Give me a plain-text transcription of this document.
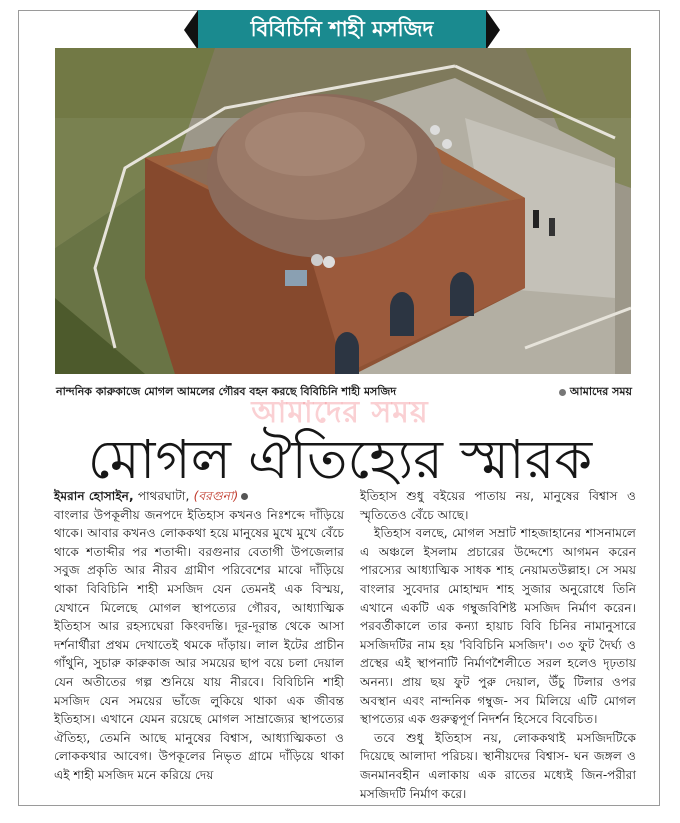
বিবিচিনি শাহী মসজিদ
নান্দনিক কারুকাজে মোগল আমলের গৌরব বহন করছে বিবিচিনি শাহী মসজিদ	আমাদের সময়
আমাদের সময়
মোগল ঐতিহ্যের স্মারক
ইমরান হোসাইন, পাথরঘাটা, (বরগুনা)

বাংলার উপকূলীয় জনপদে ইতিহাস কখনও নিঃশব্দে দাঁড়িয়ে থাকে। আবার কখনও লোককথা হয়ে মানুষের মুখে মুখে বেঁচে থাকে শতাব্দীর পর শতাব্দী। বরগুনার বেতাগী উপজেলার সবুজ প্রকৃতি আর নীরব গ্রামীণ পরিবেশের মাঝে দাঁড়িয়ে থাকা বিবিচিনি শাহী মসজিদ যেন তেমনই এক বিস্ময়, যেখানে মিলেছে মোগল স্থাপত্যের গৌরব, আধ্যাত্মিক ইতিহাস আর রহস্যঘেরা কিংবদন্তি। দূর-দূরান্ত থেকে আসা দর্শনার্থীরা প্রথম দেখাতেই থমকে দাঁড়ায়। লাল ইটের প্রাচীন গাঁথুনি, সুচারু কারুকাজ আর সময়ের ছাপ বয়ে চলা দেয়াল যেন অতীতের গল্প শুনিয়ে যায় নীরবে। বিবিচিনি শাহী মসজিদ যেন সময়ের ভাঁজে লুকিয়ে থাকা এক জীবন্ত ইতিহাস। এখানে যেমন রয়েছে মোগল সাম্রাজ্যের স্থাপত্যের ঐতিহ্য, তেমনি আছে মানুষের বিশ্বাস, আধ্যাত্মিকতা ও লোককথার আবেগ। উপকূলের নিভৃত গ্রামে দাঁড়িয়ে থাকা এই শাহী মসজিদ মনে করিয়ে দেয়

ইতিহাস শুধু বইয়ের পাতায় নয়, মানুষের বিশ্বাস ও স্মৃতিতেও বেঁচে আছে।

ইতিহাস বলছে, মোগল সম্রাট শাহজাহানের শাসনামলে এ অঞ্চলে ইসলাম প্রচারের উদ্দেশ্যে আগমন করেন পারস্যের আধ্যাত্মিক সাধক শাহ নেয়ামতউল্লাহ। সে সময় বাংলার সুবেদার মোহাম্মদ শাহ সুজার অনুরোধে তিনি এখানে একটি এক গম্বুজবিশিষ্ট মসজিদ নির্মাণ করেন। পরবর্তীকালে তার কন্যা হায়াচ বিবি চিনির নামানুসারে মসজিদটির নাম হয় 'বিবিচিনি মসজিদ'। ৩৩ ফুট দৈর্ঘ্য ও প্রস্থের এই স্থাপনাটি নির্মাণশৈলীতে সরল হলেও দৃঢ়তায় অনন্য। প্রায় ছয় ফুট পুরু দেয়াল, উঁচু টিলার ওপর অবস্থান এবং নান্দনিক গম্বুজ- সব মিলিয়ে এটি মোগল স্থাপত্যের এক গুরুত্বপূর্ণ নিদর্শন হিসেবে বিবেচিত।

তবে শুধু ইতিহাস নয়, লোককথাই মসজিদটিকে দিয়েছে আলাদা পরিচয়। স্থানীয়দের বিশ্বাস- ঘন জঙ্গল ও জনমানবহীন এলাকায় এক রাতের মধ্যেই জিন-পরীরা মসজিদটি নির্মাণ করে।
